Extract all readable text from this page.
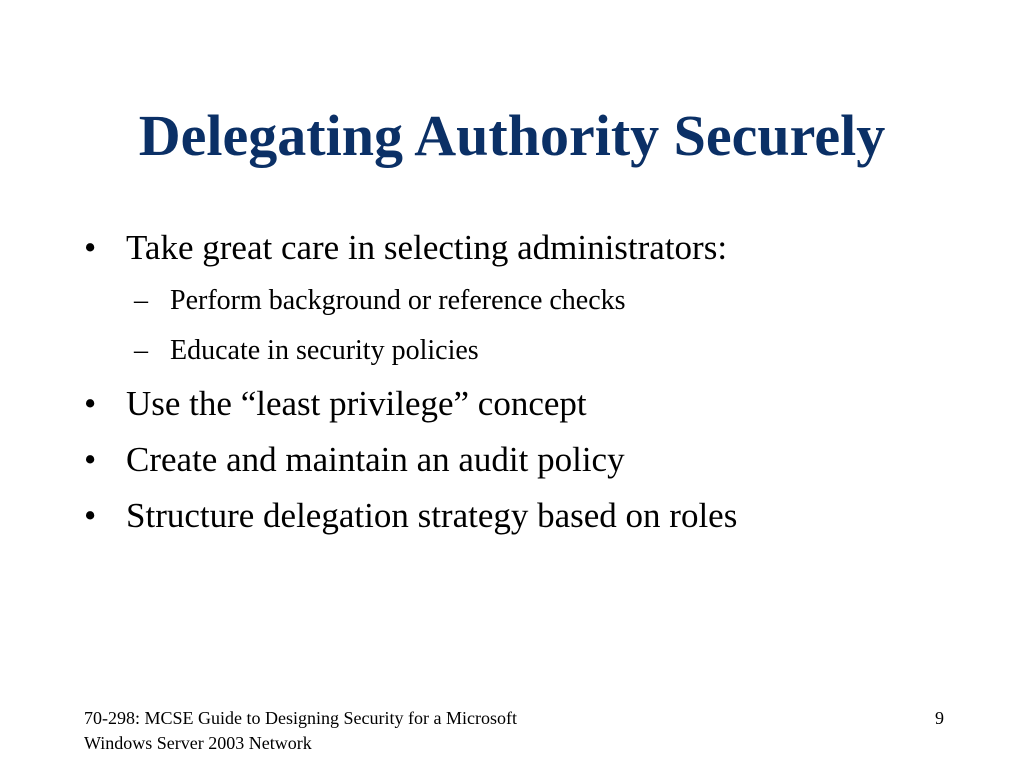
Delegating Authority Securely
• Take great care in selecting administrators:
– Perform background or reference checks
– Educate in security policies
• Use the “least privilege” concept
• Create and maintain an audit policy
• Structure delegation strategy based on roles
70-298: MCSE Guide to Designing Security for a Microsoft
Windows Server 2003 Network
9
